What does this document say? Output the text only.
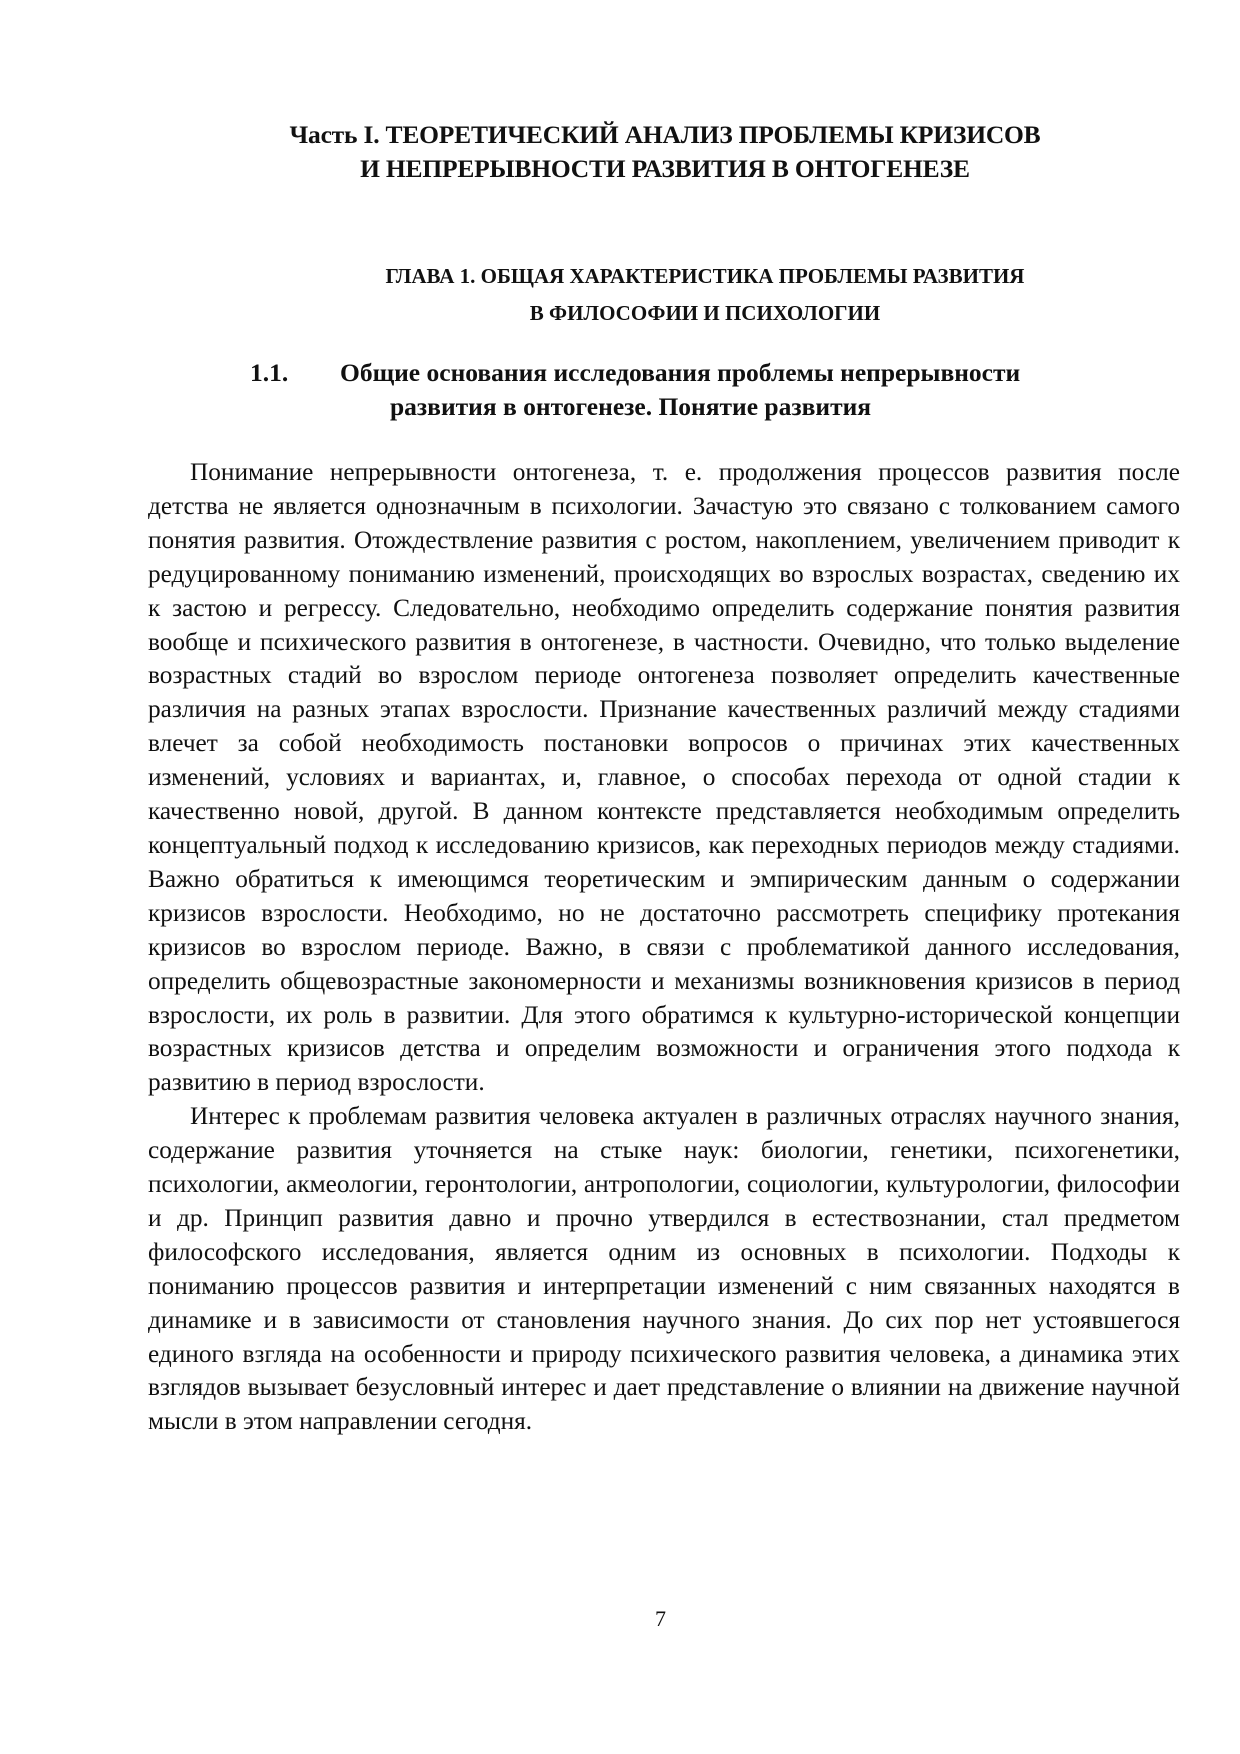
Часть I. ТЕОРЕТИЧЕСКИЙ АНАЛИЗ ПРОБЛЕМЫ КРИЗИСОВ
И НЕПРЕРЫВНОСТИ РАЗВИТИЯ В ОНТОГЕНЕЗЕ
ГЛАВА 1. ОБЩАЯ ХАРАКТЕРИСТИКА ПРОБЛЕМЫ РАЗВИТИЯ
В ФИЛОСОФИИ И ПСИХОЛОГИИ
1.1. Общие основания исследования проблемы непрерывности
развития в онтогенезе. Понятие развития

Понимание непрерывности онтогенеза, т. е. продолжения процессов развития после детства не является однозначным в психологии. Зачастую это связано с толкованием самого понятия развития. Отождествление развития с ростом, накоплением, увеличением приводит к редуцированному пониманию изменений, происходящих во взрослых возрастах, сведению их к застою и регрессу. Следовательно, необходимо определить содержание понятия развития вообще и психического развития в онтогенезе, в частности. Очевидно, что только выделение возрастных стадий во взрослом периоде онтогенеза позволяет определить качественные различия на разных этапах взрослости. Признание качественных различий между стадиями влечет за собой необходимость постановки вопросов о причинах этих качественных изменений, условиях и вариантах, и, главное, о способах перехода от одной стадии к качественно новой, другой. В данном контексте представляется необходимым определить концептуальный подход к исследованию кризисов, как переходных периодов между стадиями. Важно обратиться к имеющимся теоретическим и эмпирическим данным о содержании кризисов взрослости. Необходимо, но не достаточно рассмотреть специфику протекания кризисов во взрослом периоде. Важно, в связи с проблематикой данного исследования, определить общевозрастные закономерности и механизмы возникновения кризисов в период взрослости, их роль в развитии. Для этого обратимся к культурно-исторической концепции возрастных кризисов детства и определим возможности и ограничения этого подхода к развитию в период взрослости.

Интерес к проблемам развития человека актуален в различных отраслях научного знания, содержание развития уточняется на стыке наук: биологии, генетики, психогенетики, психологии, акмеологии, геронтологии, антропологии, социологии, культурологии, философии и др. Принцип развития давно и прочно утвердился в естествознании, стал предметом философского исследования, является одним из основных в психологии. Подходы к пониманию процессов развития и интерпретации изменений с ним связанных находятся в динамике и в зависимости от становления научного знания. До сих пор нет устоявшегося единого взгляда на особенности и природу психического развития человека, а динамика этих взглядов вызывает безусловный интерес и дает представление о влиянии на движение научной мысли в этом направлении сегодня.

7
